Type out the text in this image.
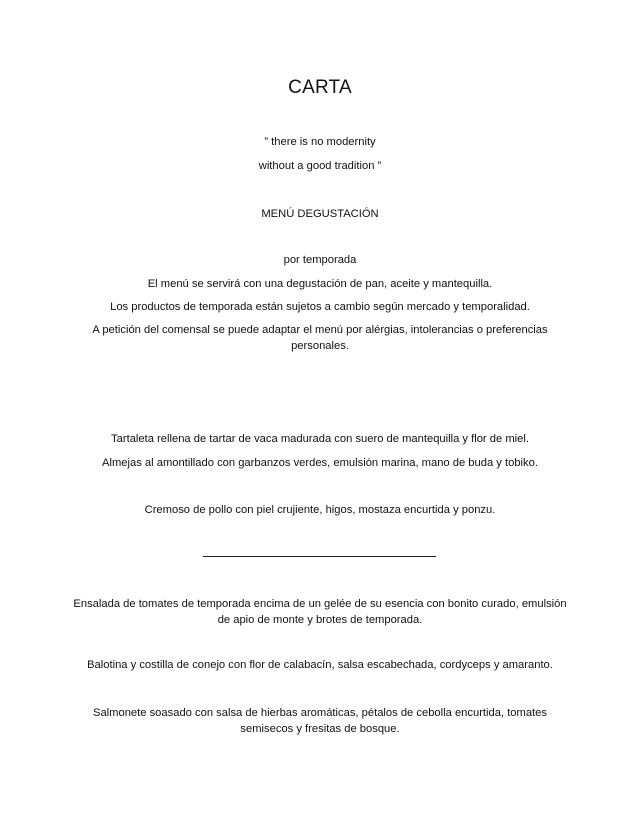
CARTA
” there is no modernity
without a good tradition ”
MENÚ DEGUSTACIÓN
por temporada
El menú se servirá con una degustación de pan, aceite y mantequilla.
Los productos de temporada están sujetos a cambio según mercado y temporalidad.
A petición del comensal se puede adaptar el menú por alérgias, intolerancias o preferencias personales.
Tartaleta rellena de tartar de vaca madurada con suero de mantequilla y flor de miel.
Almejas al amontillado con garbanzos verdes, emulsión marina, mano de buda y tobiko.
Cremoso de pollo con piel crujiente, higos, mostaza encurtida y ponzu.
Ensalada de tomates de temporada encima de un gelée de su esencia con bonito curado, emulsión de apio de monte y brotes de temporada.
Balotina y costilla de conejo con flor de calabacín, salsa escabechada, cordyceps y amaranto.
Salmonete soasado con salsa de hierbas aromáticas, pétalos de cebolla encurtida, tomates semisecos y fresitas de bosque.
